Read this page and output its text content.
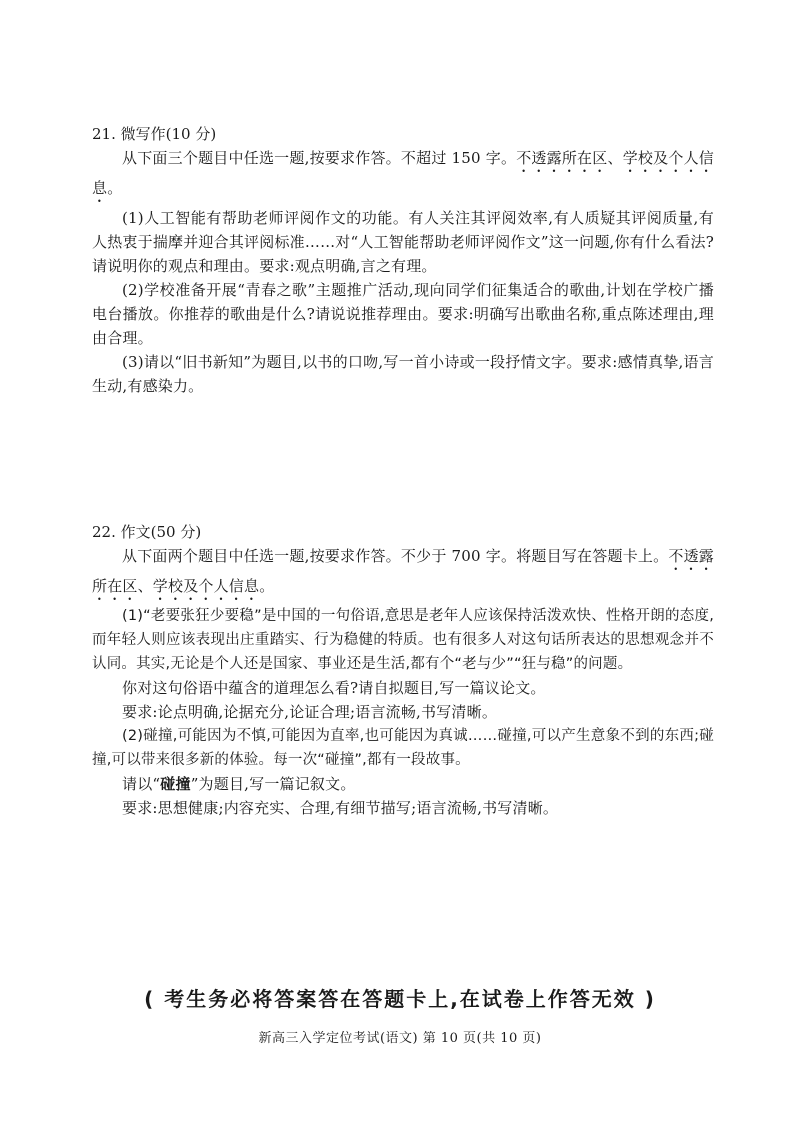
21. 微写作(10 分)

从下面三个题目中任选一题,按要求作答。不超过 150 字。不透露所在区、学校及个人信息。

(1)人工智能有帮助老师评阅作文的功能。有人关注其评阅效率,有人质疑其评阅质量,有人热衷于揣摩并迎合其评阅标准……对“人工智能帮助老师评阅作文”这一问题,你有什么看法?请说明你的观点和理由。要求:观点明确,言之有理。

(2)学校准备开展“青春之歌”主题推广活动,现向同学们征集适合的歌曲,计划在学校广播电台播放。你推荐的歌曲是什么?请说说推荐理由。要求:明确写出歌曲名称,重点陈述理由,理由合理。

(3)请以“旧书新知”为题目,以书的口吻,写一首小诗或一段抒情文字。要求:感情真挚,语言生动,有感染力。

22. 作文(50 分)

从下面两个题目中任选一题,按要求作答。不少于 700 字。将题目写在答题卡上。不透露所在区、学校及个人信息。

(1)“老要张狂少要稳”是中国的一句俗语,意思是老年人应该保持活泼欢快、性格开朗的态度,而年轻人则应该表现出庄重踏实、行为稳健的特质。也有很多人对这句话所表达的思想观念并不认同。其实,无论是个人还是国家、事业还是生活,都有个“老与少”“狂与稳”的问题。

你对这句俗语中蕴含的道理怎么看?请自拟题目,写一篇议论文。

要求:论点明确,论据充分,论证合理;语言流畅,书写清晰。

(2)碰撞,可能因为不慎,可能因为直率,也可能因为真诚……碰撞,可以产生意象不到的东西;碰撞,可以带来很多新的体验。每一次“碰撞”,都有一段故事。

请以“碰撞”为题目,写一篇记叙文。

要求:思想健康;内容充实、合理,有细节描写;语言流畅,书写清晰。

( 考生务必将答案答在答题卡上,在试卷上作答无效 )
新高三入学定位考试(语文) 第 10 页(共 10 页)
